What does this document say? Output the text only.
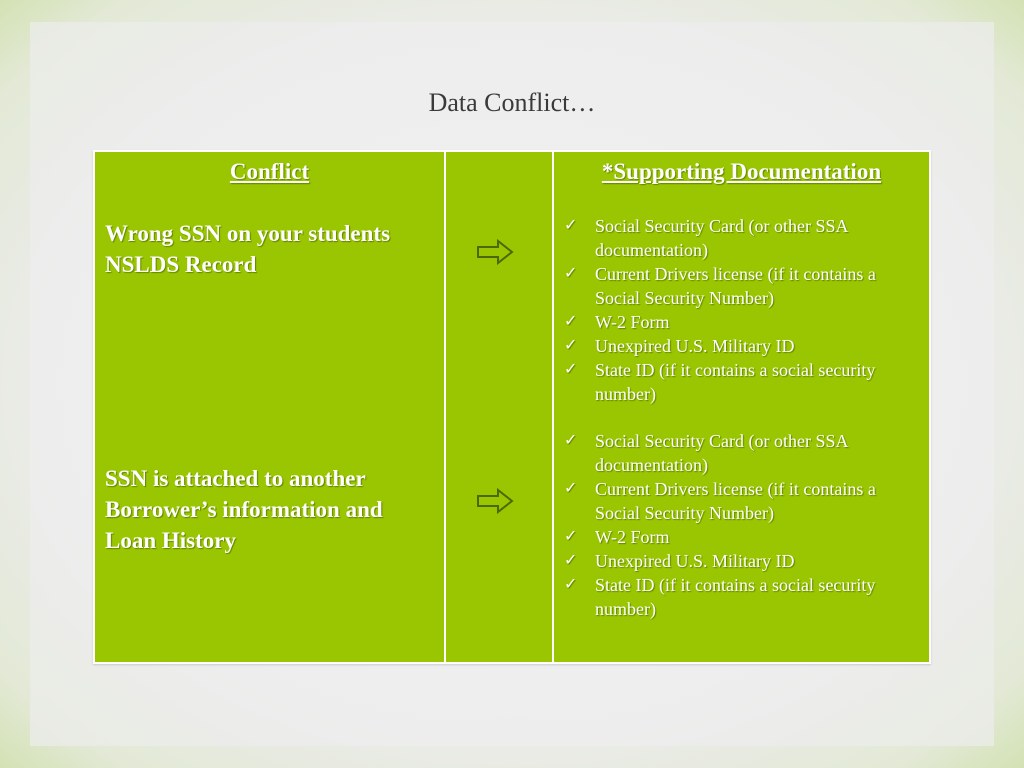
Data Conflict…
Conflict
Wrong SSN on your students NSLDS Record
SSN is attached to another Borrower’s information and Loan History
*Supporting Documentation
✓ Social Security Card (or other SSA documentation)
✓ Current Drivers license (if it contains a Social Security Number)
✓ W-2 Form
✓ Unexpired U.S. Military ID
✓ State ID (if it contains a social security number)
✓ Social Security Card (or other SSA documentation)
✓ Current Drivers license (if it contains a Social Security Number)
✓ W-2 Form
✓ Unexpired U.S. Military ID
✓ State ID (if it contains a social security number)
